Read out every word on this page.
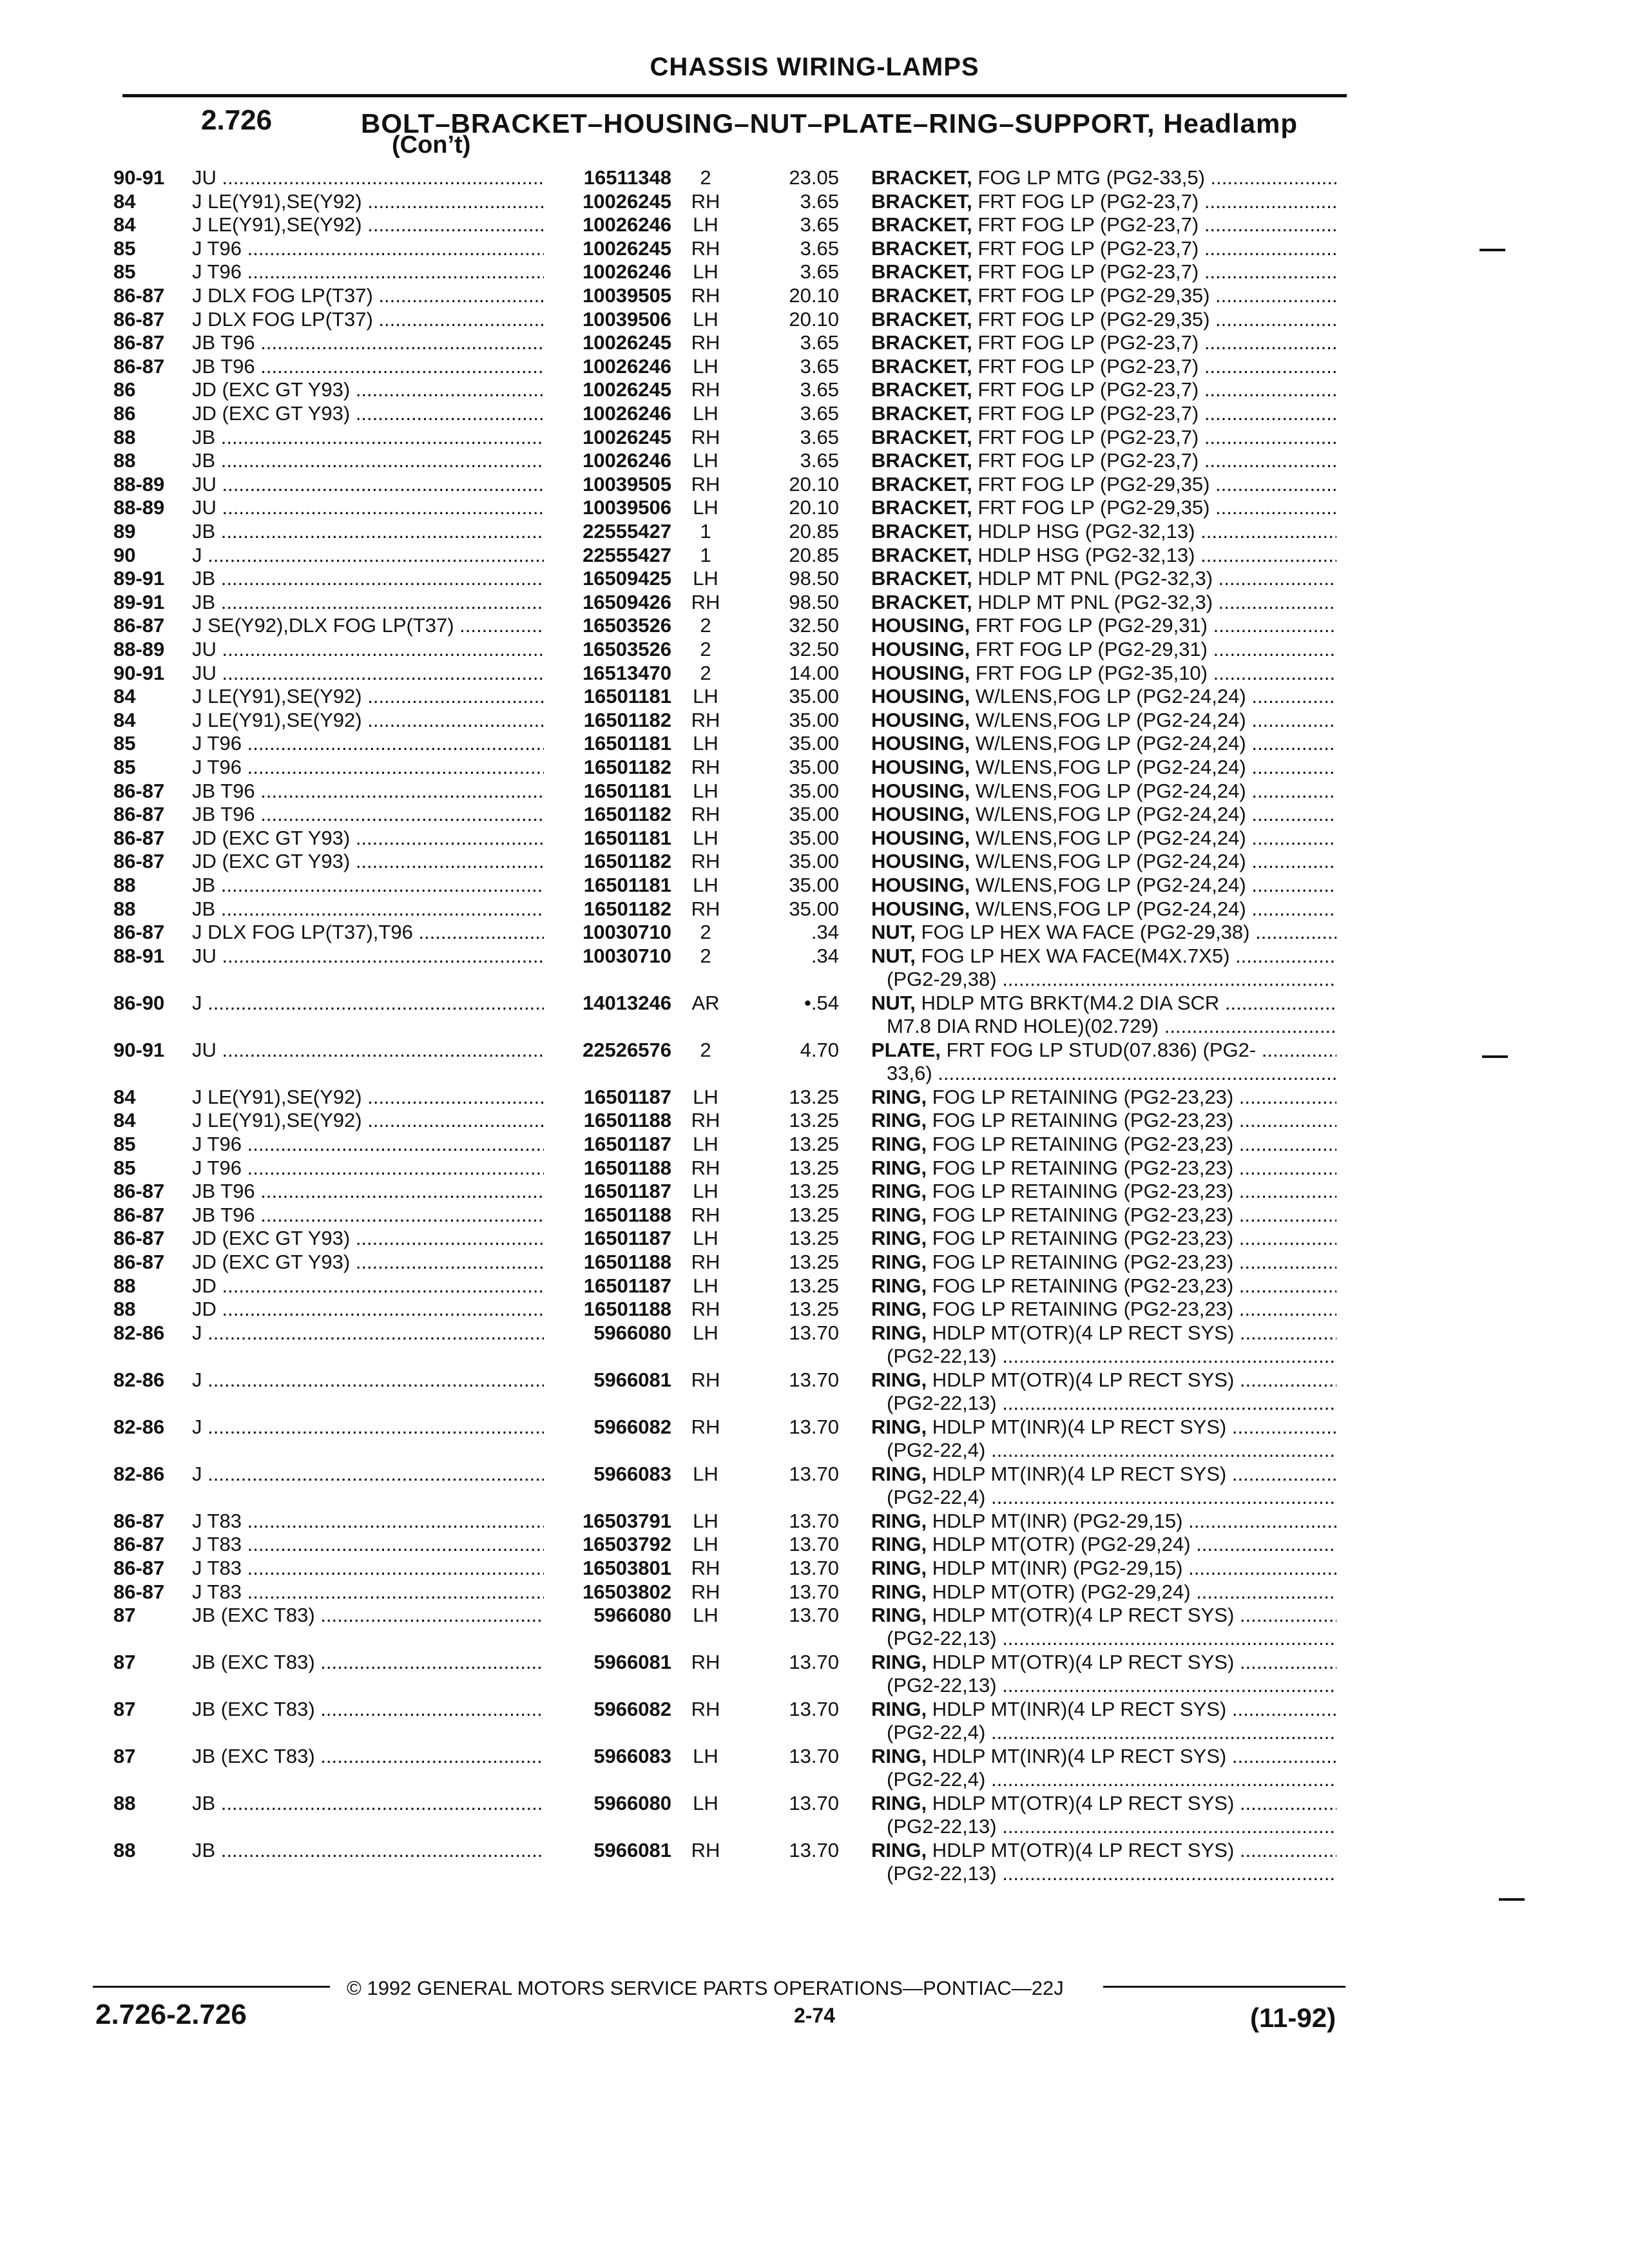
CHASSIS WIRING-LAMPS
2.726	BOLT–BRACKET–HOUSING–NUT–PLATE–RING–SUPPORT, Headlamp
(Con’t)
90-91 JU .....	16511348	2	23.05 BRACKET, FOG LP MTG (PG2-33,5) .....
84	J LE(Y91),SE(Y92) .....	10026245 RH	3.65 BRACKET, FRT FOG LP (PG2-23,7) .....
84	J LE(Y91),SE(Y92) .....	10026246	LH	3.65 BRACKET, FRT FOG LP (PG2-23,7) .....
85	J T96 .....	10026245 RH	3.65 BRACKET, FRT FOG LP (PG2-23,7) .....
85	J T96 .....	10026246	LH	3.65 BRACKET, FRT FOG LP (PG2-23,7) .....
86-87 J DLX FOG LP(T37) .....	10039505 RH	20.10 BRACKET, FRT FOG LP (PG2-29,35) .....
86-87 J DLX FOG LP(T37) .....	10039506	LH	20.10 BRACKET, FRT FOG LP (PG2-29,35) .....
86-87 JB T96 .....	10026245 RH	3.65 BRACKET, FRT FOG LP (PG2-23,7) .....
86-87 JB T96 .....	10026246	LH	3.65 BRACKET, FRT FOG LP (PG2-23,7) .....
86	JD (EXC GT Y93) .....	10026245 RH	3.65 BRACKET, FRT FOG LP (PG2-23,7) .....
86	JD (EXC GT Y93) .....	10026246	LH	3.65 BRACKET, FRT FOG LP (PG2-23,7) .....
88	JB .....	10026245 RH	3.65 BRACKET, FRT FOG LP (PG2-23,7) .....
88	JB .....	10026246	LH	3.65 BRACKET, FRT FOG LP (PG2-23,7) .....
88-89 JU .....	10039505 RH	20.10 BRACKET, FRT FOG LP (PG2-29,35) .....
88-89 JU .....	10039506	LH	20.10 BRACKET, FRT FOG LP (PG2-29,35) .....
89	JB .....	22555427	1	20.85 BRACKET, HDLP HSG (PG2-32,13) .....
90	J .....	22555427	1	20.85 BRACKET, HDLP HSG (PG2-32,13) .....
89-91 JB .....	16509425	LH	98.50 BRACKET, HDLP MT PNL (PG2-32,3) .....
89-91 JB .....	16509426 RH	98.50 BRACKET, HDLP MT PNL (PG2-32,3) .....
86-87 J SE(Y92),DLX FOG LP(T37) .....	16503526	2	32.50 HOUSING, FRT FOG LP (PG2-29,31) .....
88-89 JU .....	16503526	2	32.50 HOUSING, FRT FOG LP (PG2-29,31) .....
90-91 JU .....	16513470	2	14.00 HOUSING, FRT FOG LP (PG2-35,10) .....
84	J LE(Y91),SE(Y92) .....	16501181	LH	35.00 HOUSING, W/LENS,FOG LP (PG2-24,24) .....
84	J LE(Y91),SE(Y92) .....	16501182 RH	35.00 HOUSING, W/LENS,FOG LP (PG2-24,24) .....
85	J T96 .....	16501181	LH	35.00 HOUSING, W/LENS,FOG LP (PG2-24,24) .....
85	J T96 .....	16501182 RH	35.00 HOUSING, W/LENS,FOG LP (PG2-24,24) .....
86-87 JB T96 .....	16501181	LH	35.00 HOUSING, W/LENS,FOG LP (PG2-24,24) .....
86-87 JB T96 .....	16501182 RH	35.00 HOUSING, W/LENS,FOG LP (PG2-24,24) .....
86-87 JD (EXC GT Y93) .....	16501181	LH	35.00 HOUSING, W/LENS,FOG LP (PG2-24,24) .....
86-87 JD (EXC GT Y93) .....	16501182 RH	35.00 HOUSING, W/LENS,FOG LP (PG2-24,24) .....
88	JB .....	16501181	LH	35.00 HOUSING, W/LENS,FOG LP (PG2-24,24) .....
88	JB .....	16501182 RH	35.00 HOUSING, W/LENS,FOG LP (PG2-24,24) .....
86-87 J DLX FOG LP(T37),T96 .....	10030710	2	.34 NUT, FOG LP HEX WA FACE (PG2-29,38) .....
88-91 JU .....	10030710	2	.34 NUT, FOG LP HEX WA FACE(M4X.7X5) .....
(PG2-29,38) .....
86-90 J .....	14013246	AR	•.54 NUT, HDLP MTG BRKT(M4.2 DIA SCR .....
M7.8 DIA RND HOLE)(02.729) .....
90-91 JU .....	22526576	2	4.70 PLATE, FRT FOG LP STUD(07.836) (PG2- .....
33,6) .....
84	J LE(Y91),SE(Y92) .....	16501187	LH	13.25 RING, FOG LP RETAINING (PG2-23,23) .....
84	J LE(Y91),SE(Y92) .....	16501188 RH	13.25 RING, FOG LP RETAINING (PG2-23,23) .....
85	J T96 .....	16501187	LH	13.25 RING, FOG LP RETAINING (PG2-23,23) .....
85	J T96 .....	16501188 RH	13.25 RING, FOG LP RETAINING (PG2-23,23) .....
86-87 JB T96 .....	16501187	LH	13.25 RING, FOG LP RETAINING (PG2-23,23) .....
86-87 JB T96 .....	16501188 RH	13.25 RING, FOG LP RETAINING (PG2-23,23) .....
86-87 JD (EXC GT Y93) .....	16501187	LH	13.25 RING, FOG LP RETAINING (PG2-23,23) .....
86-87 JD (EXC GT Y93) .....	16501188 RH	13.25 RING, FOG LP RETAINING (PG2-23,23) .....
88	JD .....	16501187	LH	13.25 RING, FOG LP RETAINING (PG2-23,23) .....
88	JD .....	16501188 RH	13.25 RING, FOG LP RETAINING (PG2-23,23) .....
82-86 J .....	5966080	LH	13.70 RING, HDLP MT(OTR)(4 LP RECT SYS) .....
(PG2-22,13) .....
82-86 J .....	5966081 RH	13.70 RING, HDLP MT(OTR)(4 LP RECT SYS) .....
(PG2-22,13) .....
82-86 J .....	5966082 RH	13.70 RING, HDLP MT(INR)(4 LP RECT SYS) .....
(PG2-22,4) .....
82-86 J .....	5966083	LH	13.70 RING, HDLP MT(INR)(4 LP RECT SYS) .....
(PG2-22,4) .....
86-87 J T83 .....	16503791	LH	13.70 RING, HDLP MT(INR) (PG2-29,15) .....
86-87 J T83 .....	16503792	LH	13.70 RING, HDLP MT(OTR) (PG2-29,24) .....
86-87 J T83 .....	16503801 RH	13.70 RING, HDLP MT(INR) (PG2-29,15) .....
86-87 J T83 .....	16503802 RH	13.70 RING, HDLP MT(OTR) (PG2-29,24) .....
87	JB (EXC T83) .....	5966080	LH	13.70 RING, HDLP MT(OTR)(4 LP RECT SYS) .....
(PG2-22,13) .....
87	JB (EXC T83) .....	5966081 RH	13.70 RING, HDLP MT(OTR)(4 LP RECT SYS) .....
(PG2-22,13) .....
87	JB (EXC T83) .....	5966082 RH	13.70 RING, HDLP MT(INR)(4 LP RECT SYS) .....
(PG2-22,4) .....
87	JB (EXC T83) .....	5966083	LH	13.70 RING, HDLP MT(INR)(4 LP RECT SYS) .....
(PG2-22,4) .....
88	JB .....	5966080	LH	13.70 RING, HDLP MT(OTR)(4 LP RECT SYS) .....
(PG2-22,13) .....
88	JB .....	5966081 RH	13.70 RING, HDLP MT(OTR)(4 LP RECT SYS) .....
(PG2-22,13) .....
© 1992 GENERAL MOTORS SERVICE PARTS OPERATIONS—PONTIAC—22J
2.726-2.726	2-74	(11-92)
